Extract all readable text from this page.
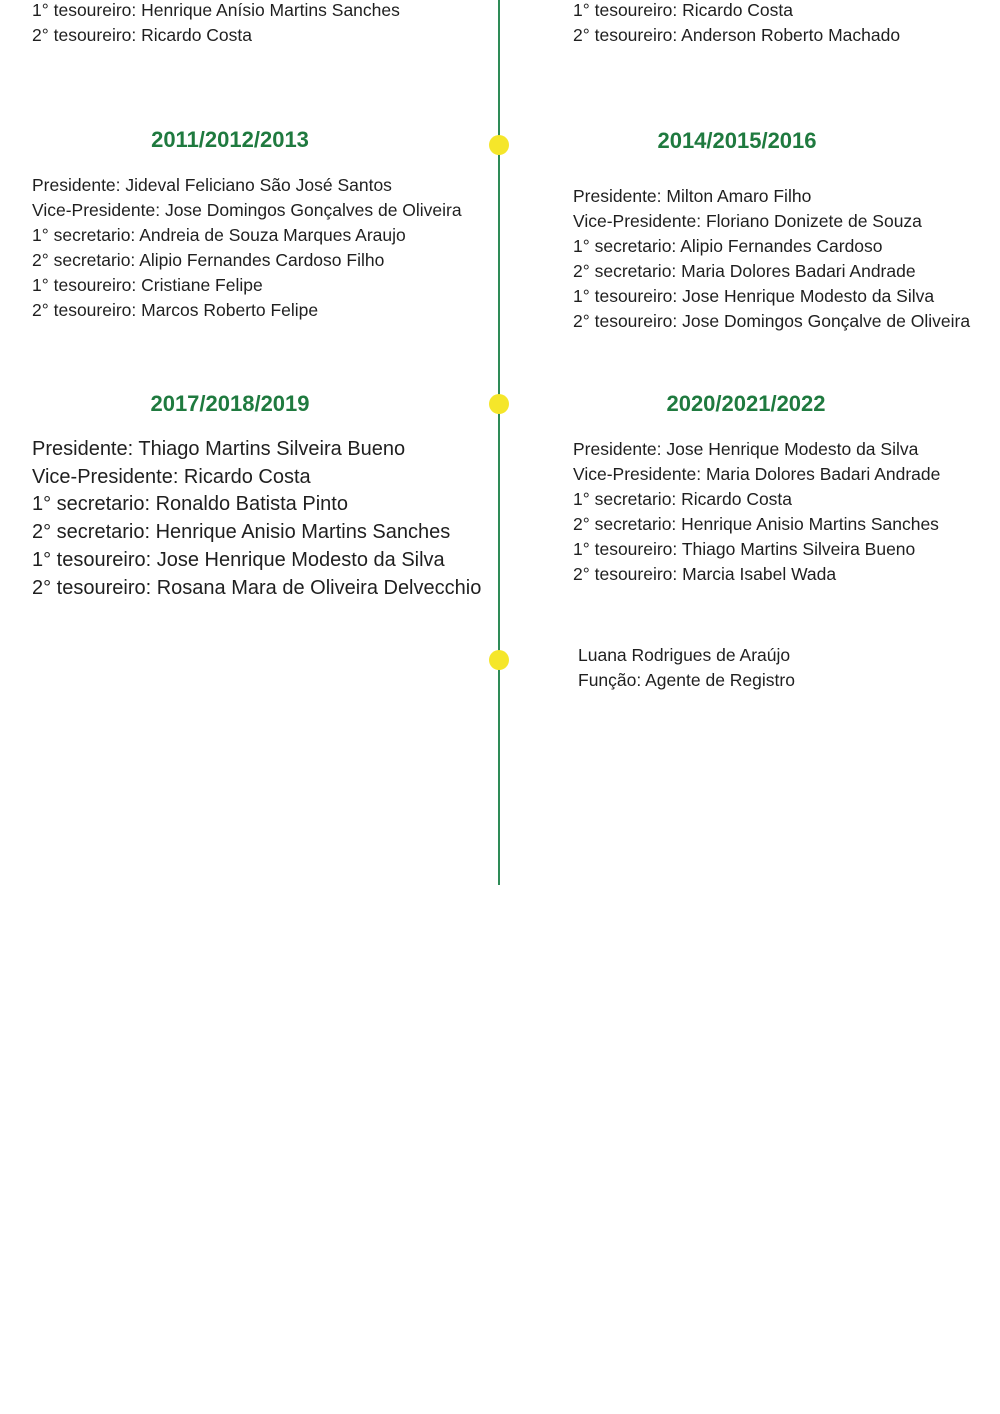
1° tesoureiro: Henrique Anísio Martins Sanches
2° tesoureiro: Ricardo Costa
1° tesoureiro: Ricardo Costa
2° tesoureiro: Anderson Roberto Machado
2011/2012/2013
Presidente: Jideval Feliciano São José Santos
Vice-Presidente: Jose Domingos Gonçalves de Oliveira
1° secretario: Andreia de Souza Marques Araujo
2° secretario: Alipio Fernandes Cardoso Filho
1° tesoureiro: Cristiane Felipe
2° tesoureiro: Marcos Roberto Felipe
2014/2015/2016
Presidente: Milton Amaro Filho
Vice-Presidente: Floriano Donizete de Souza
1° secretario: Alipio Fernandes Cardoso
2° secretario: Maria Dolores Badari Andrade
1° tesoureiro: Jose Henrique Modesto da Silva
2° tesoureiro: Jose Domingos Gonçalve de Oliveira
2017/2018/2019
Presidente: Thiago Martins Silveira Bueno
Vice-Presidente: Ricardo Costa
1° secretario: Ronaldo Batista Pinto
2° secretario: Henrique Anisio Martins Sanches
1° tesoureiro: Jose Henrique Modesto da Silva
2° tesoureiro: Rosana Mara de Oliveira Delvecchio
2020/2021/2022
Presidente: Jose Henrique Modesto da Silva
Vice-Presidente: Maria Dolores Badari Andrade
1° secretario: Ricardo Costa
2° secretario: Henrique Anisio Martins Sanches
1° tesoureiro: Thiago Martins Silveira Bueno
2° tesoureiro: Marcia Isabel Wada
Luana Rodrigues de Araújo
Função: Agente de Registro
